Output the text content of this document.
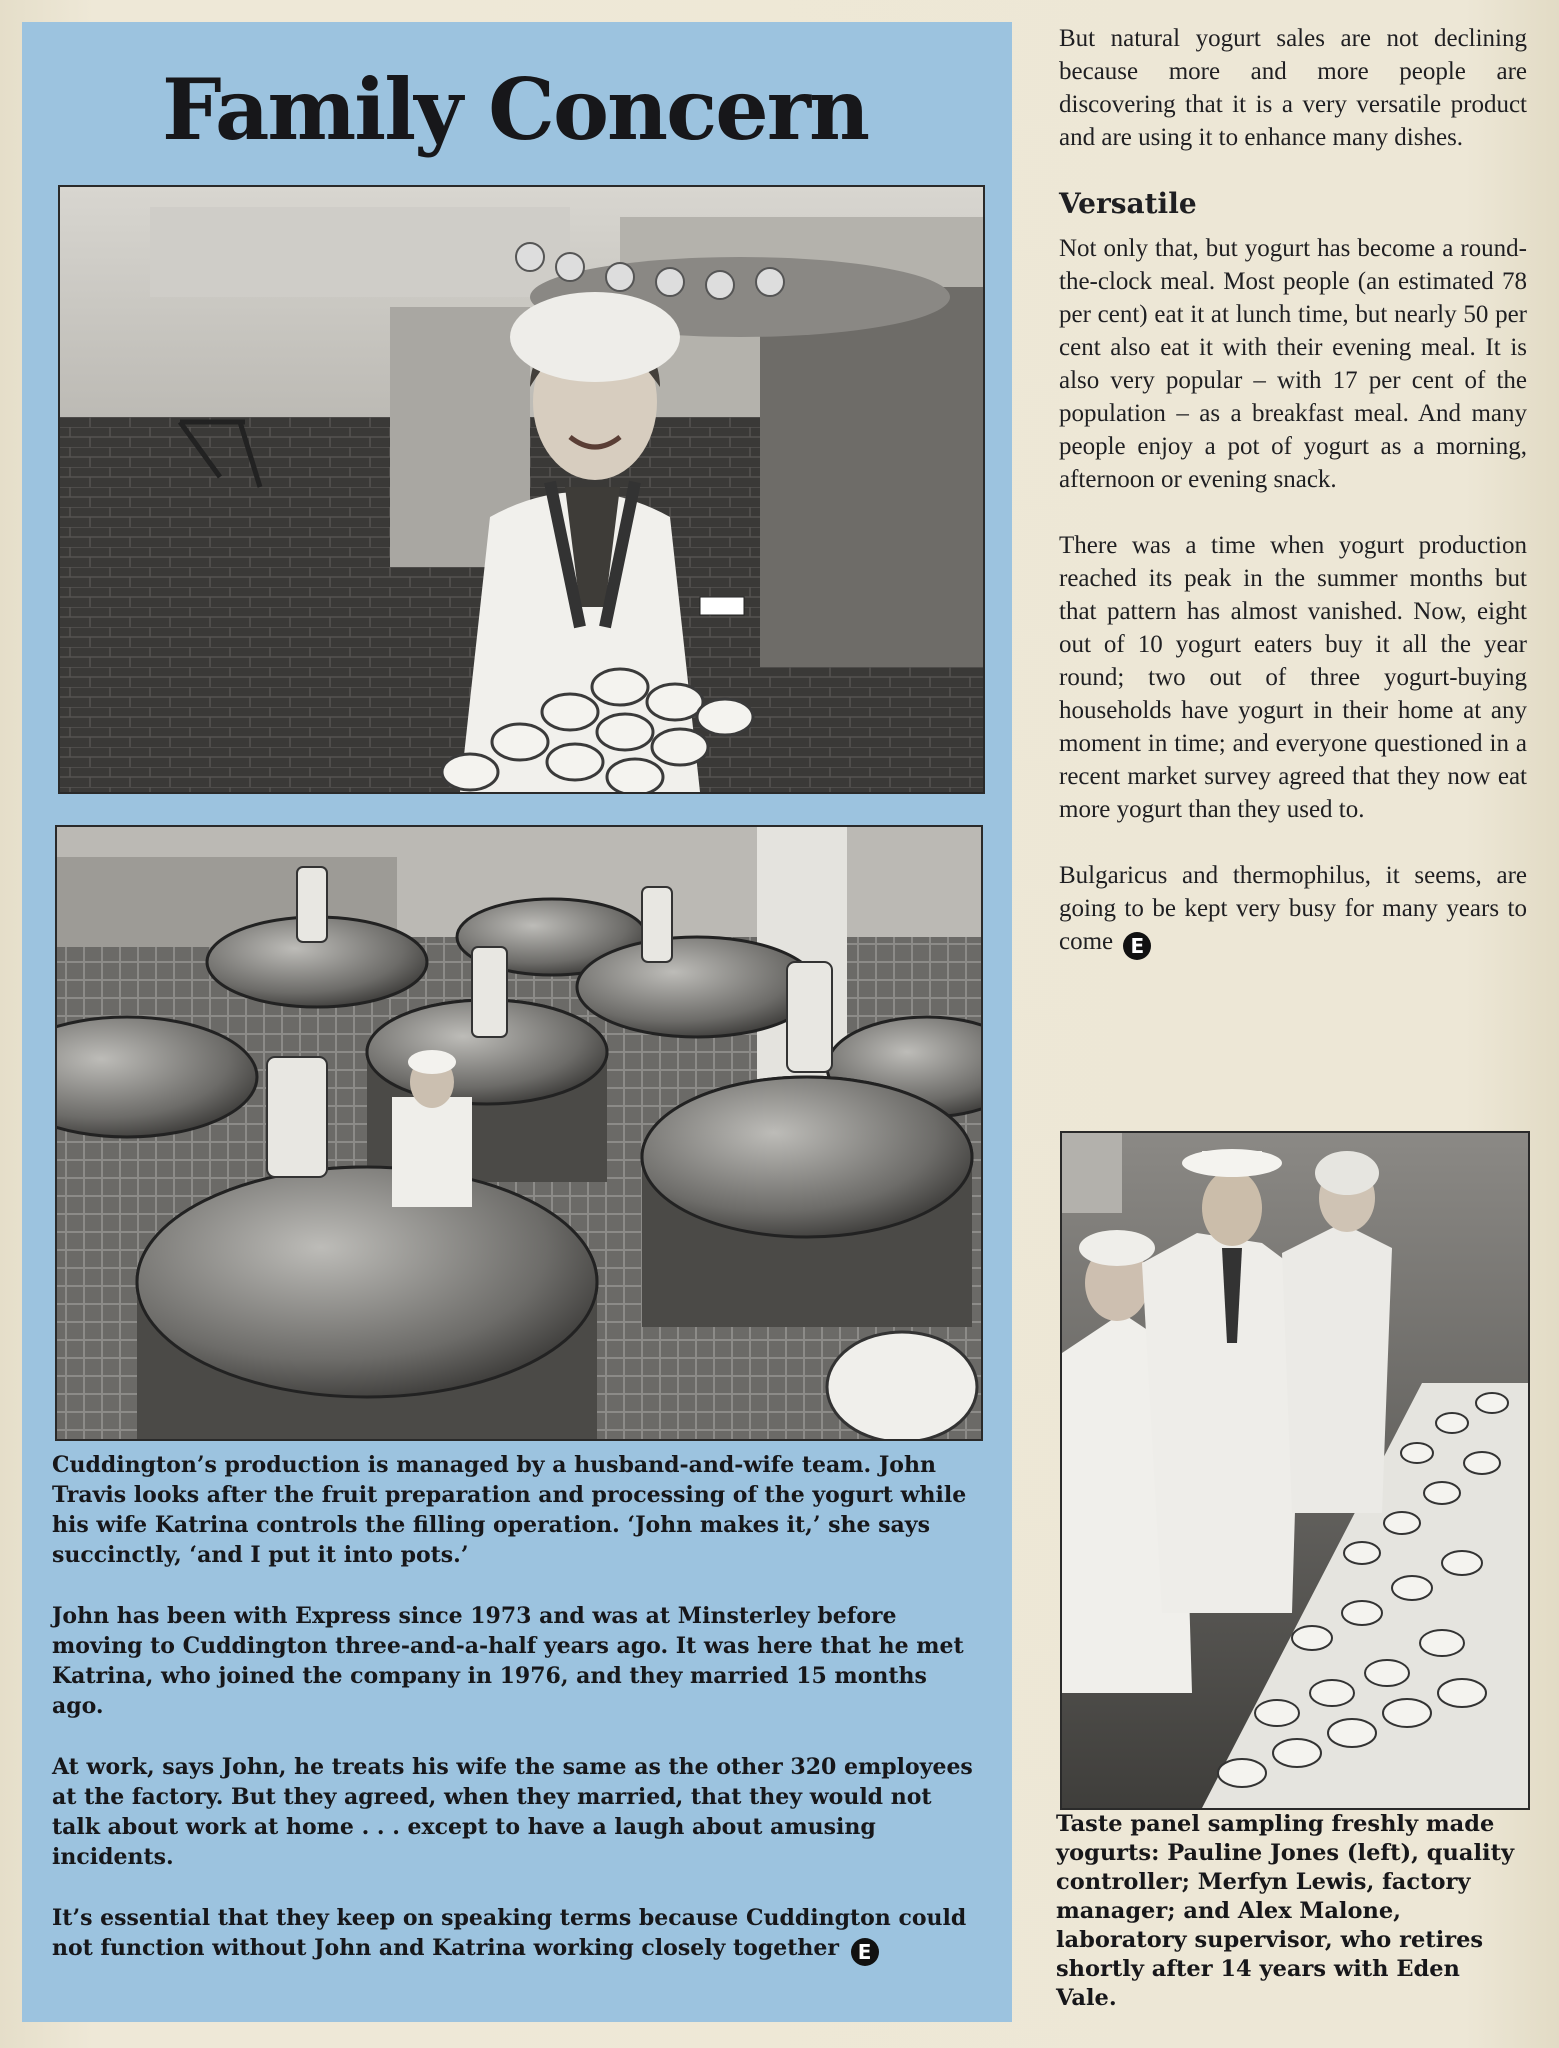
Family Concern

Cuddington’s production is managed by a husband-and-wife team. John Travis looks after the fruit preparation and processing of the yogurt while his wife Katrina controls the filling operation. ‘John makes it,’ she says succinctly, ‘and I put it into pots.’

John has been with Express since 1973 and was at Minsterley before moving to Cuddington three-and-a-half years ago. It was here that he met Katrina, who joined the company in 1976, and they married 15 months ago.

At work, says John, he treats his wife the same as the other 320 employees at the factory. But they agreed, when they married, that they would not talk about work at home . . . except to have a laugh about amusing incidents.

It’s essential that they keep on speaking terms because Cuddington could not function without John and Katrina working closely together E

But natural yogurt sales are not declining because more and more people are discovering that it is a very versatile product and are using it to enhance many dishes.

Versatile

Not only that, but yogurt has become a round-the-clock meal. Most people (an estimated 78 per cent) eat it at lunch time, but nearly 50 per cent also eat it with their evening meal. It is also very popular – with 17 per cent of the population – as a breakfast meal. And many people enjoy a pot of yogurt as a morning, afternoon or evening snack.

There was a time when yogurt production reached its peak in the summer months but that pattern has almost vanished. Now, eight out of 10 yogurt eaters buy it all the year round; two out of three yogurt-buying households have yogurt in their home at any moment in time; and everyone questioned in a recent market survey agreed that they now eat more yogurt than they used to.

Bulgaricus and thermophilus, it seems, are going to be kept very busy for many years to come E

Taste panel sampling freshly made yogurts: Pauline Jones (left), quality controller; Merfyn Lewis, factory manager; and Alex Malone, laboratory supervisor, who retires shortly after 14 years with Eden Vale.
